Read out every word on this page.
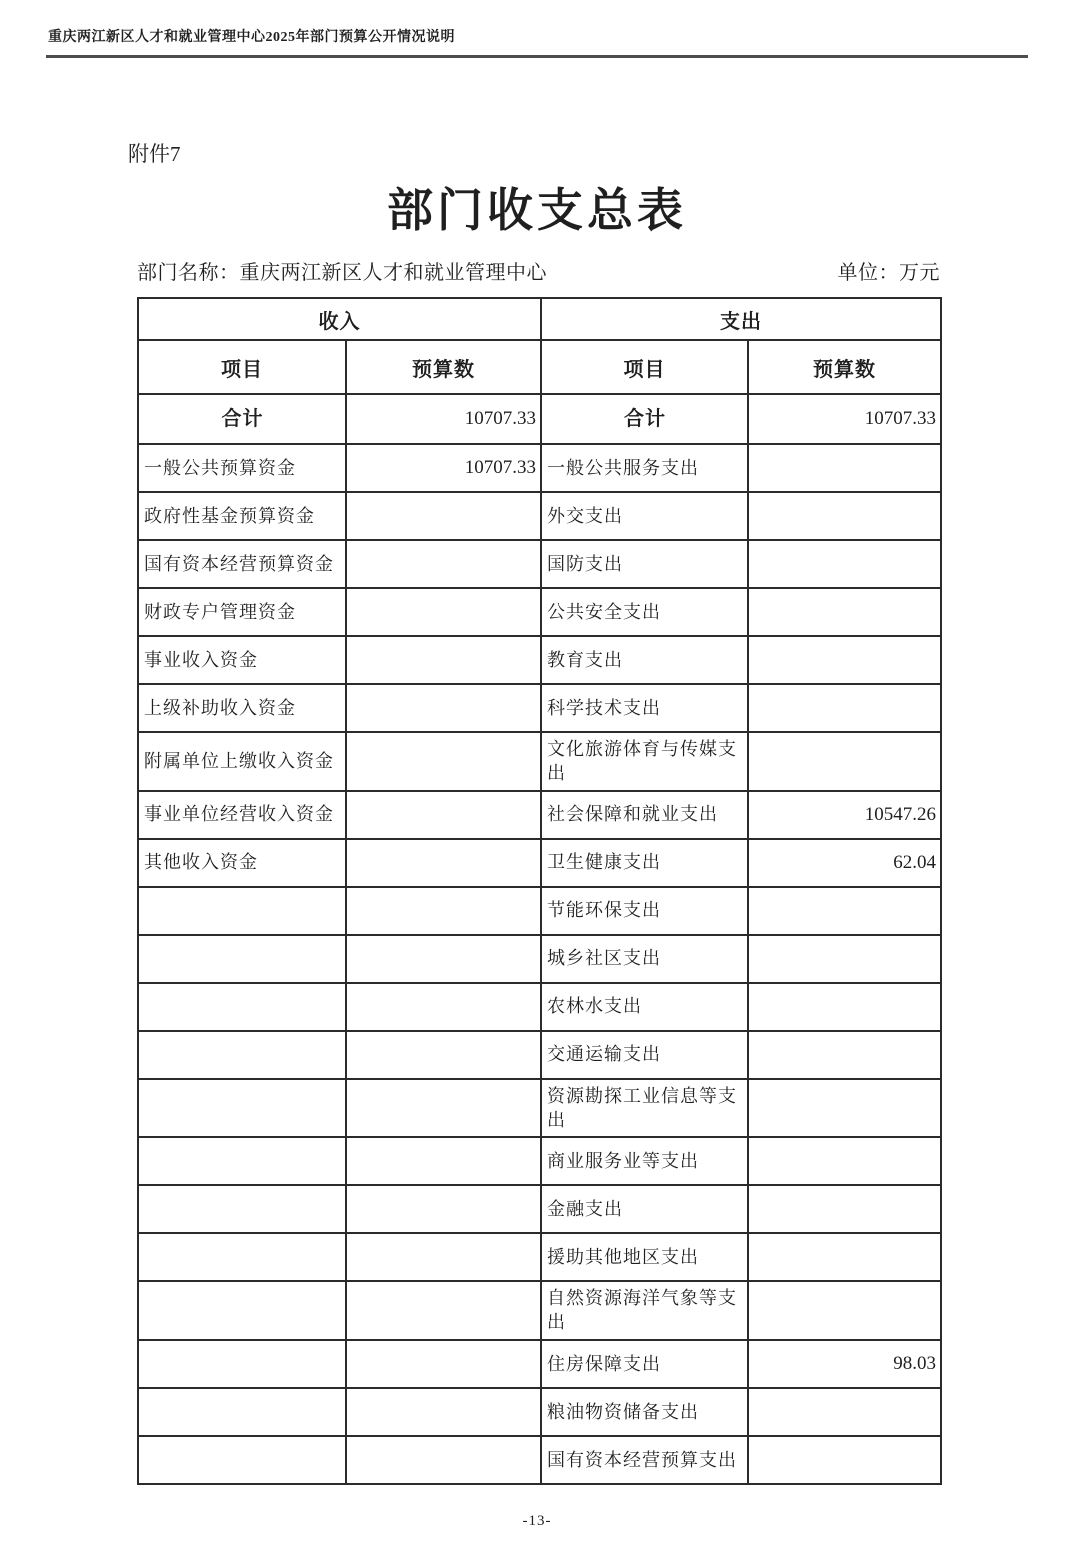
重庆两江新区人才和就业管理中心2025年部门预算公开情况说明
附件7
部门收支总表
部门名称：重庆两江新区人才和就业管理中心	单位：万元
收入		支出	
项目	预算数	项目	预算数
合计	10707.33	合计	10707.33
一般公共预算资金	10707.33	一般公共服务支出	
政府性基金预算资金		外交支出	
国有资本经营预算资金		国防支出	
财政专户管理资金		公共安全支出	
事业收入资金		教育支出	
上级补助收入资金		科学技术支出	
附属单位上缴收入资金		文化旅游体育与传媒支出	
事业单位经营收入资金		社会保障和就业支出	10547.26
其他收入资金		卫生健康支出	62.04
		节能环保支出	
		城乡社区支出	
		农林水支出	
		交通运输支出	
		资源勘探工业信息等支出	
		商业服务业等支出	
		金融支出	
		援助其他地区支出	
		自然资源海洋气象等支出	
		住房保障支出	98.03
		粮油物资储备支出	
		国有资本经营预算支出	
-13-
